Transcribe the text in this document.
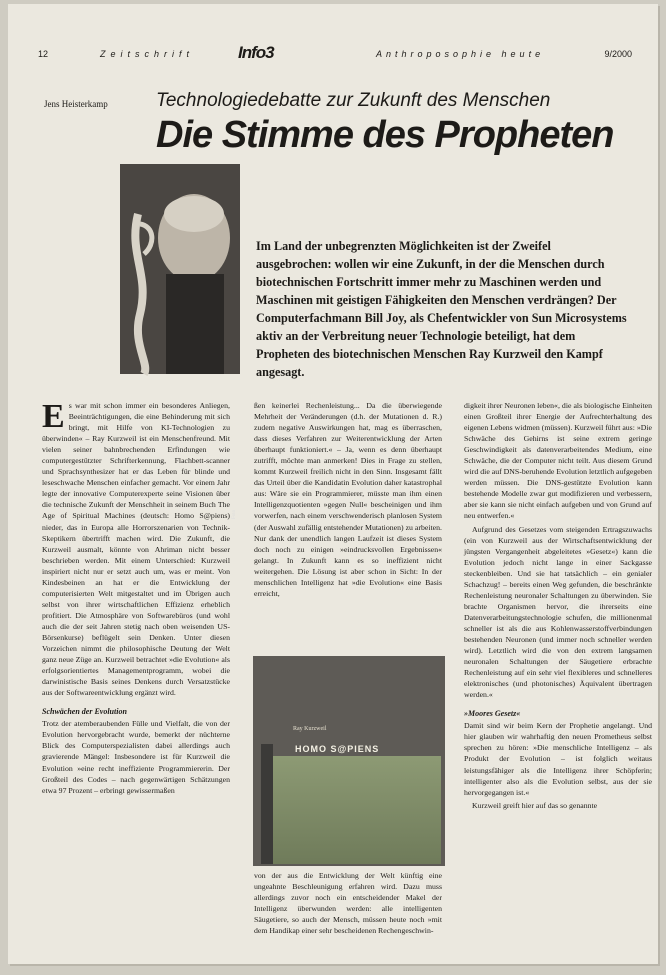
12	Zeitschrift	Info3	Anthroposophie heute	9/2000
Jens Heisterkamp	Technologiedebatte zur Zukunft des Menschen
Die Stimme des Propheten
Foto
Im Land der unbegrenzten Möglichkeiten ist der Zweifel ausgebrochen: wollen wir eine Zukunft, in der die Menschen durch biotechnischen Fortschritt immer mehr zu Maschinen werden und Maschinen mit geistigen Fähigkeiten den Menschen verdrängen? Der Computerfachmann Bill Joy, als Chefentwickler von Sun Microsystems aktiv an der Verbreitung neuer Technologie beteiligt, hat dem Propheten des biotechnischen Menschen Ray Kurzweil den Kampf angesagt.

Es war mit schon immer ein besonderes Anliegen, Beeinträchtigungen, die eine Behinderung mit sich bringt, mit Hilfe von KI-Technologien zu überwinden« – Ray Kurzweil ist ein Menschenfreund. Mit vielen seiner bahnbrechenden Erfindungen wie computergestützter Schrifterkennung, Flachbett-scanner und Sprachsynthesizer hat er das Leben für blinde und leseschwache Menschen einfacher gemacht. Vor einem Jahr legte der innovative Computerexperte seine Visionen über die technische Zukunft der Menschheit in seinem Buch The Age of Spiritual Machines (deutsch: Homo S@piens) nieder, das in Europa alle Horrorszenarien von Technik-Skeptikern übertrifft machen wird. Die Zukunft, die Kurzweil ausmalt, könnte von Ahriman nicht besser beschrieben werden. Mit einem Unterschied: Kurzweil inspiriert nicht nur er setzt auch um, was er meint. Von Kindesbeinen an hat er die Entwicklung der computerisierten Welt mitgestaltet und im Übrigen auch selbst von ihrer wirtschaftlichen Effizienz erheblich profitiert. Die Atmosphäre von Softwarebüros (und wohl auch die der seit Jahren stetig nach oben weisenden US-Börsenkurse) beflügelt sein Denken. Unter diesen Vorzeichen nimmt die philosophische Deutung der Welt ganz neue Züge an. Kurzweil betrachtet »die Evolution« als erfolgsorientiertes Managementprogramm, wobei die darwinistische Basis seines Denkens durch Versatzstücke aus der Softwareentwicklung ergänzt wird.

Schwächen der Evolution

Trotz der atemberaubenden Fülle und Vielfalt, die von der Evolution hervorgebracht wurde, bemerkt der nüchterne Blick des Computerspezialisten dabei allerdings auch gravierende Mängel: Insbesondere ist für Kurzweil die Evolution »eine recht ineffiziente Programmiererin. Der Großteil des Codes – nach gegenwärtigen Schätzungen etwa 97 Prozent – erbringt gewissermaßen

ßen keinerlei Rechenleistung... Da die überwiegende Mehrheit der Veränderungen (d.h. der Mutationen d. R.) zudem negative Auswirkungen hat, mag es überraschen, dass dieses Verfahren zur Weiterentwicklung der Arten überhaupt funktioniert.« – Ja, wenn es denn überhaupt zutrifft, möchte man anmerken! Dies in Frage zu stellen, kommt Kurzweil freilich nicht in den Sinn. Insgesamt fällt das Urteil über die Kandidatin Evolution daher katastrophal aus: Wäre sie ein Programmierer, müsste man ihm einen Intelligenzquotienten »gegen Null« bescheinigen und ihm vorwerfen, nach einem verschwenderisch planlosen System (der Auswahl zufällig entstehender Mutationen) zu arbeiten. Nur dank der unendlich langen Laufzeit ist dieses System doch noch zu einigen »eindrucksvollen Ergebnissen« gelangt. In Zukunft kann es so ineffizient nicht weitergehen. Die Lösung ist aber schon in Sicht: In der menschlichen Intelligenz hat »die Evolution« eine Basis erreicht,

Ray Kurzweil
HOMO S@PIENS

von der aus die Entwicklung der Welt künftig eine ungeahnte Beschleunigung erfahren wird. Dazu muss allerdings zuvor noch ein entscheidender Makel der Intelligenz überwunden werden: alle intelligenten Säugetiere, so auch der Mensch, müssen heute noch »mit dem Handikap einer sehr bescheidenen Rechengeschwin-

digkeit ihrer Neuronen leben«, die als biologische Einheiten einen Großteil ihrer Energie der Aufrechterhaltung des eigenen Lebens widmen (müssen). Kurzweil führt aus: »Die Schwäche des Gehirns ist seine extrem geringe Geschwindigkeit als datenverarbeitendes Medium, eine Schwäche, die der Computer nicht teilt. Aus diesem Grund wird die auf DNS-beruhende Evolution letztlich aufgegeben werden müssen. Die DNS-gestützte Evolution kann bestehende Modelle zwar gut modifizieren und verbessern, aber sie kann sie nicht einfach aufgeben und von Grund auf neu entwerfen.«

Aufgrund des Gesetzes vom steigenden Ertragszuwachs (ein von Kurzweil aus der Wirtschaftsentwicklung der jüngsten Vergangenheit abgeleitetes »Gesetz«) kann die Evolution jedoch nicht lange in einer Sackgasse steckenbleiben. Und sie hat tatsächlich – ein genialer Schachzug! – bereits einen Weg gefunden, die beschränkte Rechenleistung neuronaler Schaltungen zu überwinden. Sie brachte Organismen hervor, die ihrerseits eine Datenverarbeitungstechnologie schufen, die millionenmal schneller ist als die aus Kohlenwasserstoffverbindungen bestehenden Neuronen (und immer noch schneller werden wird). Letztlich wird die von den extrem langsamen neuronalen Schaltungen der Säugetiere erbrachte Rechenleistung auf ein sehr viel flexibleres und schnelleres elektronisches (und photonisches) Äquivalent übertragen werden.«

»Moores Gesetz«

Damit sind wir beim Kern der Prophetie angelangt. Und hier glauben wir wahrhaftig den neuen Prometheus selbst sprechen zu hören: »Die menschliche Intelligenz – als Produkt der Evolution – ist folglich weitaus leistungsfähiger als die Intelligenz ihrer Schöpferin; intelligenter also als die Evolution selbst, aus der sie hervorgegangen ist.«

Kurzweil greift hier auf das so genannte
